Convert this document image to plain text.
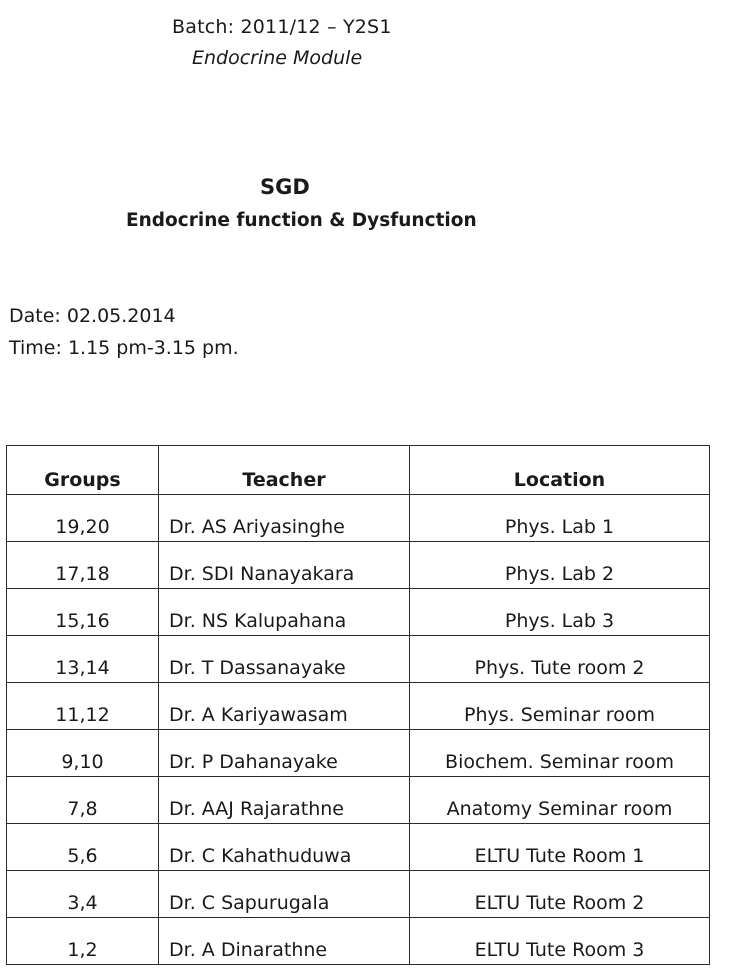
Batch: 2011/12 – Y2S1
Endocrine Module
SGD
Endocrine function & Dysfunction
Date: 02.05.2014
Time: 1.15 pm-3.15 pm.
Groups	Teacher	Location
19,20	Dr. AS Ariyasinghe	Phys. Lab 1
17,18	Dr. SDI Nanayakara	Phys. Lab 2
15,16	Dr. NS Kalupahana	Phys. Lab 3
13,14	Dr. T Dassanayake	Phys. Tute room 2
11,12	Dr. A Kariyawasam	Phys. Seminar room
9,10	Dr. P Dahanayake	Biochem. Seminar room
7,8	Dr. AAJ Rajarathne	Anatomy Seminar room
5,6	Dr. C Kahathuduwa	ELTU Tute Room 1
3,4	Dr. C Sapurugala	ELTU Tute Room 2
1,2	Dr. A Dinarathne	ELTU Tute Room 3
